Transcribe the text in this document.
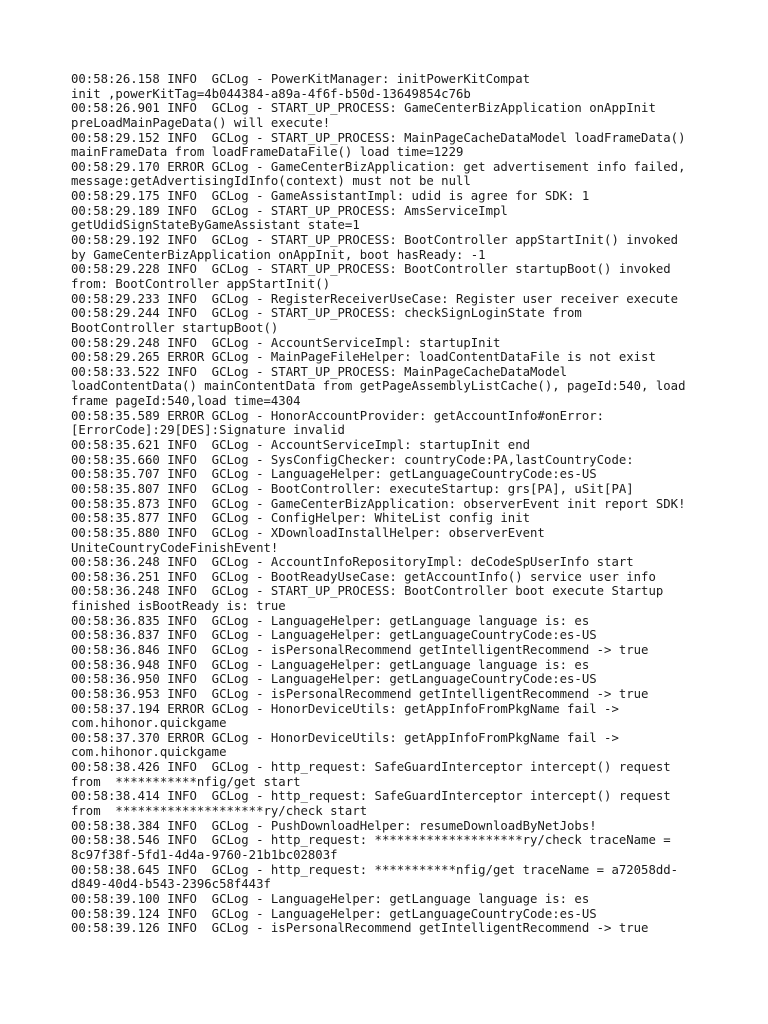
00:58:26.158 INFO  GCLog - PowerKitManager: initPowerKitCompat
init ,powerKitTag=4b044384-a89a-4f6f-b50d-13649854c76b
00:58:26.901 INFO  GCLog - START_UP_PROCESS: GameCenterBizApplication onAppInit
preLoadMainPageData() will execute!
00:58:29.152 INFO  GCLog - START_UP_PROCESS: MainPageCacheDataModel loadFrameData()
mainFrameData from loadFrameDataFile() load time=1229
00:58:29.170 ERROR GCLog - GameCenterBizApplication: get advertisement info failed,
message:getAdvertisingIdInfo(context) must not be null
00:58:29.175 INFO  GCLog - GameAssistantImpl: udid is agree for SDK: 1
00:58:29.189 INFO  GCLog - START_UP_PROCESS: AmsServiceImpl
getUdidSignStateByGameAssistant state=1
00:58:29.192 INFO  GCLog - START_UP_PROCESS: BootController appStartInit() invoked
by GameCenterBizApplication onAppInit, boot hasReady: -1
00:58:29.228 INFO  GCLog - START_UP_PROCESS: BootController startupBoot() invoked
from: BootController appStartInit()
00:58:29.233 INFO  GCLog - RegisterReceiverUseCase: Register user receiver execute
00:58:29.244 INFO  GCLog - START_UP_PROCESS: checkSignLoginState from
BootController startupBoot()
00:58:29.248 INFO  GCLog - AccountServiceImpl: startupInit
00:58:29.265 ERROR GCLog - MainPageFileHelper: loadContentDataFile is not exist
00:58:33.522 INFO  GCLog - START_UP_PROCESS: MainPageCacheDataModel
loadContentData() mainContentData from getPageAssemblyListCache(), pageId:540, load
frame pageId:540,load time=4304
00:58:35.589 ERROR GCLog - HonorAccountProvider: getAccountInfo#onError:
[ErrorCode]:29[DES]:Signature invalid
00:58:35.621 INFO  GCLog - AccountServiceImpl: startupInit end
00:58:35.660 INFO  GCLog - SysConfigChecker: countryCode:PA,lastCountryCode:
00:58:35.707 INFO  GCLog - LanguageHelper: getLanguageCountryCode:es-US
00:58:35.807 INFO  GCLog - BootController: executeStartup: grs[PA], uSit[PA]
00:58:35.873 INFO  GCLog - GameCenterBizApplication: observerEvent init report SDK!
00:58:35.877 INFO  GCLog - ConfigHelper: WhiteList config init
00:58:35.880 INFO  GCLog - XDownloadInstallHelper: observerEvent
UniteCountryCodeFinishEvent!
00:58:36.248 INFO  GCLog - AccountInfoRepositoryImpl: deCodeSpUserInfo start
00:58:36.251 INFO  GCLog - BootReadyUseCase: getAccountInfo() service user info
00:58:36.248 INFO  GCLog - START_UP_PROCESS: BootController boot execute Startup
finished isBootReady is: true
00:58:36.835 INFO  GCLog - LanguageHelper: getLanguage language is: es
00:58:36.837 INFO  GCLog - LanguageHelper: getLanguageCountryCode:es-US
00:58:36.846 INFO  GCLog - isPersonalRecommend getIntelligentRecommend -> true
00:58:36.948 INFO  GCLog - LanguageHelper: getLanguage language is: es
00:58:36.950 INFO  GCLog - LanguageHelper: getLanguageCountryCode:es-US
00:58:36.953 INFO  GCLog - isPersonalRecommend getIntelligentRecommend -> true
00:58:37.194 ERROR GCLog - HonorDeviceUtils: getAppInfoFromPkgName fail ->
com.hihonor.quickgame
00:58:37.370 ERROR GCLog - HonorDeviceUtils: getAppInfoFromPkgName fail ->
com.hihonor.quickgame
00:58:38.426 INFO  GCLog - http_request: SafeGuardInterceptor intercept() request
from  ***********nfig/get start
00:58:38.414 INFO  GCLog - http_request: SafeGuardInterceptor intercept() request
from  ********************ry/check start
00:58:38.384 INFO  GCLog - PushDownloadHelper: resumeDownloadByNetJobs!
00:58:38.546 INFO  GCLog - http_request: ********************ry/check traceName =
8c97f38f-5fd1-4d4a-9760-21b1bc02803f
00:58:38.645 INFO  GCLog - http_request: ***********nfig/get traceName = a72058dd-
d849-40d4-b543-2396c58f443f
00:58:39.100 INFO  GCLog - LanguageHelper: getLanguage language is: es
00:58:39.124 INFO  GCLog - LanguageHelper: getLanguageCountryCode:es-US
00:58:39.126 INFO  GCLog - isPersonalRecommend getIntelligentRecommend -> true
